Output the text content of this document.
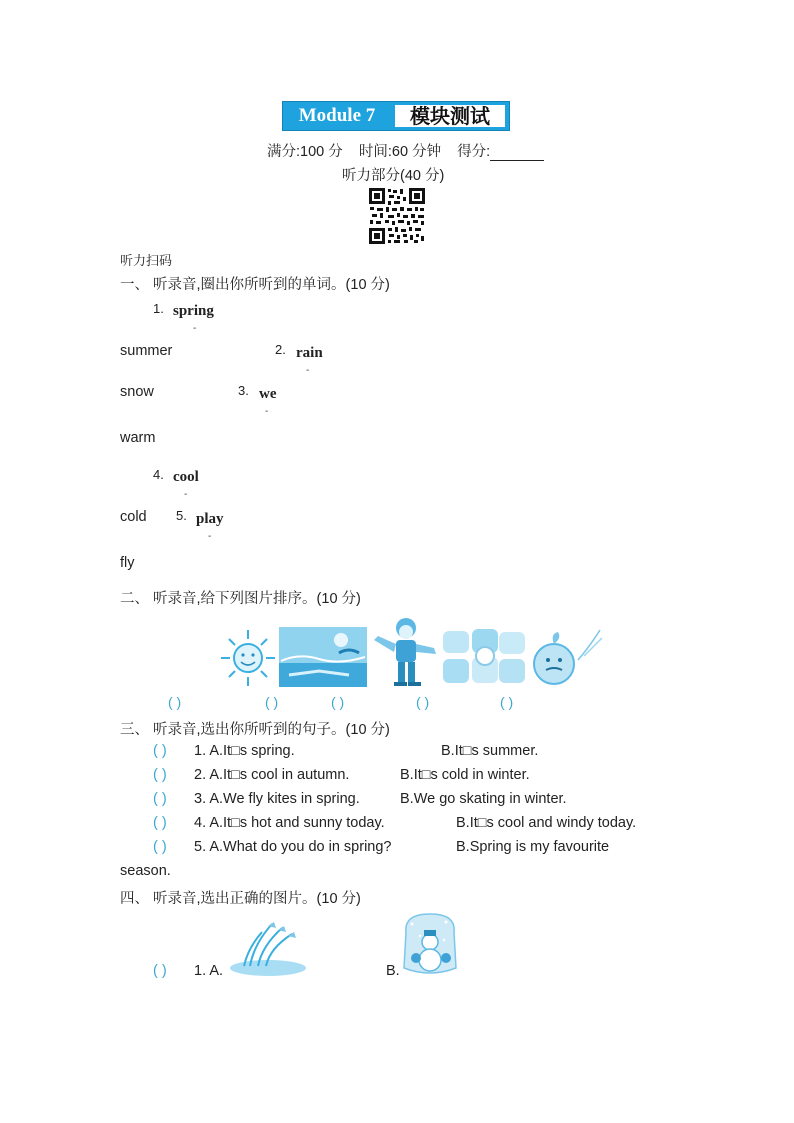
Module 7	模块测试
满分:100 分 时间:60 分钟 得分:
听力部分(40 分)
听力扫码
一、 听录音,圈出你所听到的单词。(10 分)
1. spring
-
summer	2. rain
-
snow	3. we
-
warm
4. cool
-
cold 5. play
-
fly
二、 听录音,给下列图片排序。(10 分)
( )	( )	( )	( )	( )
三、 听录音,选出你所听到的句子。(10 分)
( ) 1. A.It□s spring.	B.It□s summer.
( ) 2. A.It□s cool in autumn.	B.It□s cold in winter.
( ) 3. A.We fly kites in spring.	B.We go skating in winter.
( ) 4. A.It□s hot and sunny today.	B.It□s cool and windy today.
( ) 5. A.What do you do in spring?	B.Spring is my favourite
season.
四、 听录音,选出正确的图片。(10 分)
( ) 1. A.	B.
